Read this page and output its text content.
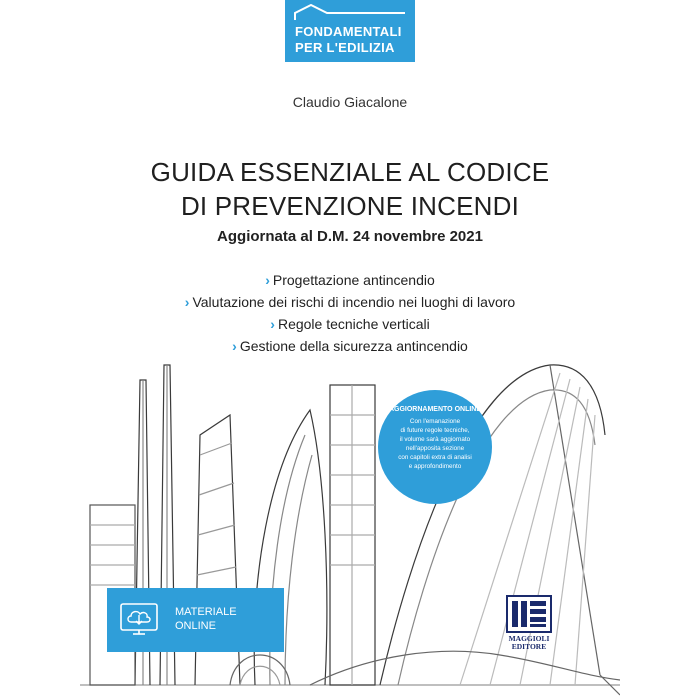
FONDAMENTALI
PER L'EDILIZIA
Claudio Giacalone
GUIDA ESSENZIALE AL CODICE
DI PREVENZIONE INCENDI
Aggiornata al D.M. 24 novembre 2021
› Progettazione antincendio
› Valutazione dei rischi di incendio nei luoghi di lavoro
› Regole tecniche verticali
› Gestione della sicurezza antincendio
AGGIORNAMENTO ONLINE
Con l'emanazione
di future regole tecniche,
il volume sarà aggiornato
nell'apposita sezione
con capitoli extra di analisi
e approfondimento
MATERIALE
ONLINE
MAGGIOLI
EDITORE
